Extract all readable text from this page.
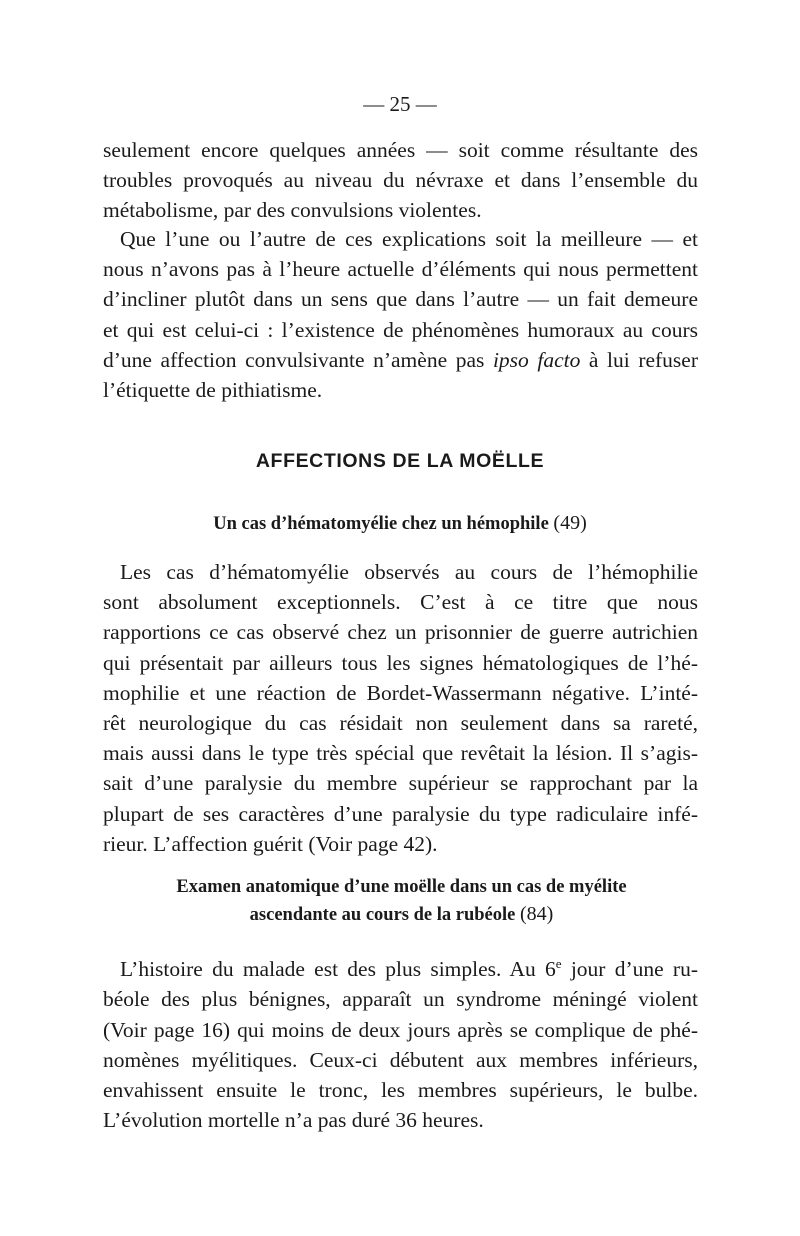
— 25 —
seulement encore quelques années — soit comme résultante des
troubles provoqués au niveau du névraxe et dans l’ensemble du
métabolisme, par des convulsions violentes.
Que l’une ou l’autre de ces explications soit la meilleure — et
nous n’avons pas à l’heure actuelle d’éléments qui nous permettent
d’incliner plutôt dans un sens que dans l’autre — un fait demeure
et qui est celui-ci : l’existence de phénomènes humoraux au cours
d’une affection convulsivante n’amène pas ipso facto à lui refuser
l’étiquette de pithiatisme.
AFFECTIONS DE LA MOËLLE
Un cas d’hématomyélie chez un hémophile (49)
Les cas d’hématomyélie observés au cours de l’hémophilie
sont absolument exceptionnels. C’est à ce titre que nous
rapportions ce cas observé chez un prisonnier de guerre autrichien
qui présentait par ailleurs tous les signes hématologiques de l’hé-
mophilie et une réaction de Bordet-Wassermann négative. L’inté-
rêt neurologique du cas résidait non seulement dans sa rareté,
mais aussi dans le type très spécial que revêtait la lésion. Il s’agis-
sait d’une paralysie du membre supérieur se rapprochant par la
plupart de ses caractères d’une paralysie du type radiculaire infé-
rieur. L’affection guérit (Voir page 42).
Examen anatomique d’une moëlle dans un cas de myélite
ascendante au cours de la rubéole (84)
L’histoire du malade est des plus simples. Au 6e jour d’une ru-
béole des plus bénignes, apparaît un syndrome méningé violent
(Voir page 16) qui moins de deux jours après se complique de phé-
nomènes myélitiques. Ceux-ci débutent aux membres inférieurs,
envahissent ensuite le tronc, les membres supérieurs, le bulbe.
L’évolution mortelle n’a pas duré 36 heures.
